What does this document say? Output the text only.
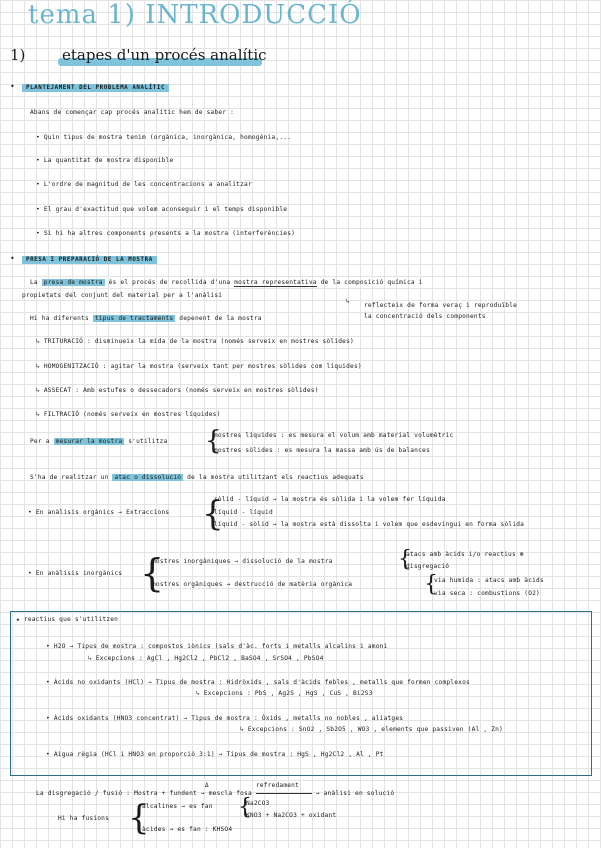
tema 1) INTRODUCCIÓ
1) etapes d'un procés analític
•	PLANTEJAMENT DEL PROBLEMA ANALÍTIC
Abans de començar cap procés analític hem de saber :
• Quin tipus de mostra tenim (orgànica, inorgànica, homogènia,...
• La quantitat de mostra disponible
• L'ordre de magnitud de les concentracions a analitzar
• El grau d'exactitud que volem aconseguir i el temps disponible
• Si hi ha altres components presents a la mostra (interferències)
•	PRESA I PREPARACIÓ DE LA MOSTRA
La presa de mostra és el procés de recollida d'una mostra representativa de la composició química i
propietats del conjunt del material per a l'anàlisi
↳
reflecteix de forma veraç i reproduïble
la concentració dels components
Hi ha diferents tipus de tractaments depenent de la mostra
↳ TRITURACIÓ : disminueix la mida de la mostra (només serveix en mostres sòlides)
↳ HOMOGENITZACIÓ : agitar la mostra (serveix tant per mostres sòlides com líquides)
↳ ASSECAT : Amb estufes o dessecadors (només serveix en mostres sòlides)
↳ FILTRACIÓ (només serveix en mostres líquides)
Per a mesurar la mostra s'utilitza {
mostres líquides : es mesura el volum amb material volumètric
mostres sòlides : es mesura la massa amb ús de balances
S'ha de realitzar un atac o dissolució de la mostra utilitzant els reactius adequats
• En anàlisis orgànics → Extraccions {
sòlid - líquid → la mostra és sòlida i la volem fer líquida
líquid - líquid
líquid - sòlid → la mostra està dissolta i volem que esdevingui en forma sòlida
• En anàlisis inorgànics {
mostres inorgàniques → dissolució de la mostra	{
atacs amb àcids i/o reactius ⊛
disgregació
mostres orgàniques → destrucció de matèria orgànica	{
via humida : atacs amb àcids
via seca : combustions (O2)
★ reactius que s'utilitzen
• H2O → Tipus de mostra : compostos iònics (sals d'àc. forts i metalls alcalins i amoni
↳ Excepcions : AgCl , Hg2Cl2 , PbCl2 , BaSO4 , SrSO4 , PbSO4
• Àcids no oxidants (HCl) → Tipus de mostra : Hidròxids , sals d'àcids febles , metalls que formen complexos
↳ Excepcions : PbS , Ag2S , HgS , CuS , Bi2S3
• Àcids oxidants (HNO3 concentrat) → Tipus de mostra : Òxids , metalls no nobles , aliatges
↳ Excepcions : SnO2 , Sb2O5 , WO3 , elements que passiven (Al , Zn)
• Aigua règia (HCl i HNO3 en proporció 3:1) → Tipus de mostra : HgS , Hg2Cl2 , Al , Pt
La disgregació / fusió : Mostra + fundent
Δ
→ mescla fosa
refredament
→ anàlisi en solució
Hi ha fusions {
alcalines → es fan {
Na2CO3
KNO3 + Na2CO3 + oxidant
àcides → es fan : KHSO4
